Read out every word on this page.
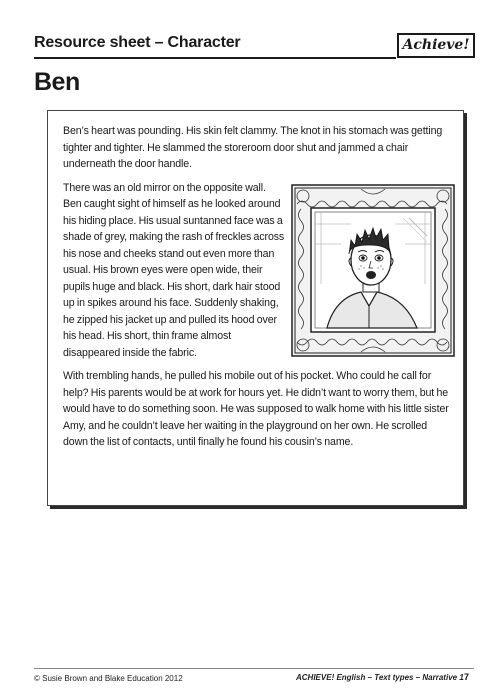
Resource sheet – Character	Achieve!
Ben

Ben’s heart was pounding. His skin felt clammy. The knot in his stomach was getting tighter and tighter. He slammed the storeroom door shut and jammed a chair underneath the door handle.

There was an old mirror on the opposite wall. Ben caught sight of himself as he looked around his hiding place. His usual suntanned face was a shade of grey, making the rash of freckles across his nose and cheeks stand out even more than usual. His brown eyes were open wide, their pupils huge and black. His short, dark hair stood up in spikes around his face. Suddenly shaking, he zipped his jacket up and pulled its hood over his head. His short, thin frame almost disappeared inside the fabric.

With trembling hands, he pulled his mobile out of his pocket. Who could he call for help? His parents would be at work for hours yet. He didn’t want to worry them, but he would have to do something soon. He was supposed to walk home with his little sister Amy, and he couldn’t leave her waiting in the playground on her own. He scrolled down the list of contacts, until finally he found his cousin’s name.

© Susie Brown and Blake Education 2012	ACHIEVE! English – Text types – Narrative 1 7
